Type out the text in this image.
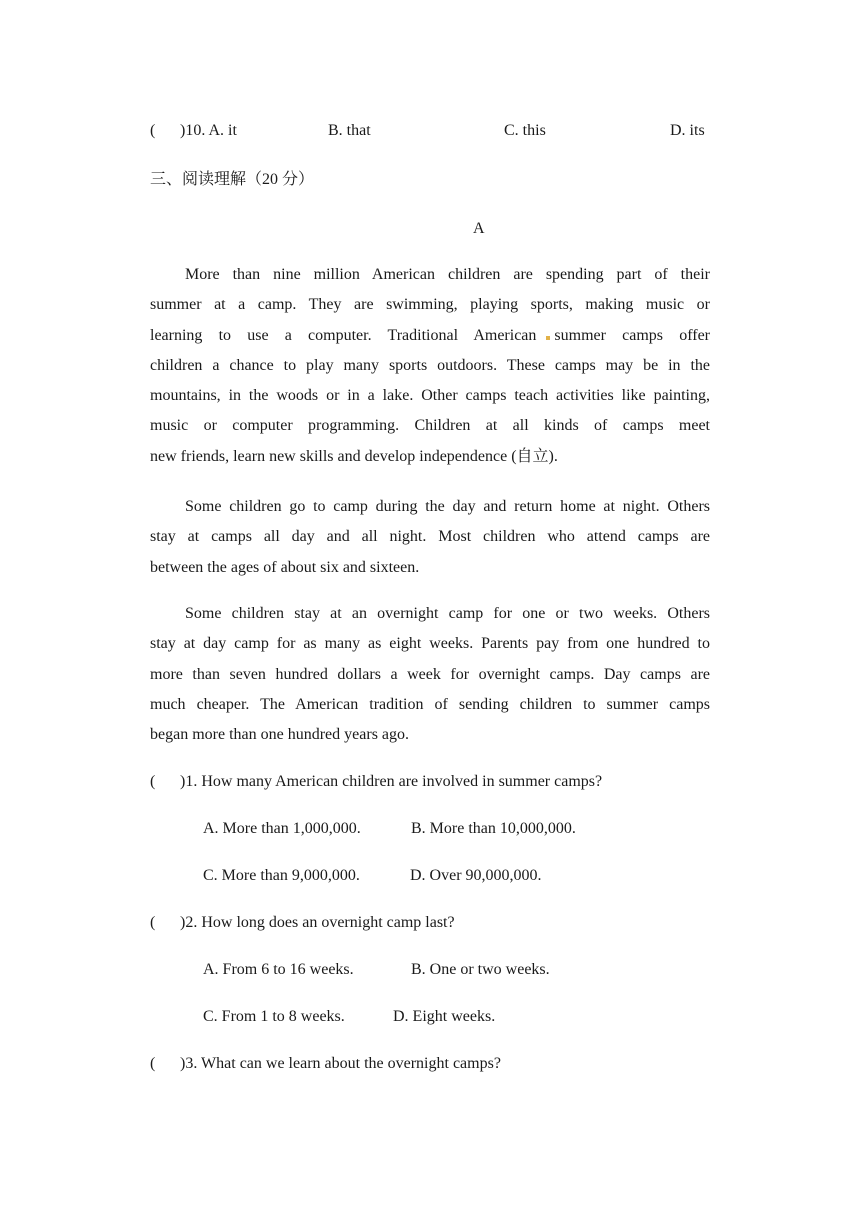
( )10. A. it	B. that	C. this	D. its
三、阅读理解（20 分）
A
More than nine million American children are spending part of their
summer at a camp. They are swimming, playing sports, making music or
learning to use a computer. Traditional American summer camps offer
children a chance to play many sports outdoors. These camps may be in the
mountains, in the woods or in a lake. Other camps teach activities like painting,
music or computer programming. Children at all kinds of camps meet
new friends, learn new skills and develop independence (自立).
Some children go to camp during the day and return home at night. Others
stay at camps all day and all night. Most children who attend camps are
between the ages of about six and sixteen.
Some children stay at an overnight camp for one or two weeks. Others
stay at day camp for as many as eight weeks. Parents pay from one hundred to
more than seven hundred dollars a week for overnight camps. Day camps are
much cheaper. The American tradition of sending children to summer camps
began more than one hundred years ago.
( )1. How many American children are involved in summer camps?
A. More than 1,000,000.	B. More than 10,000,000.
C. More than 9,000,000.	D. Over 90,000,000.
( )2. How long does an overnight camp last?
A. From 6 to 16 weeks.	B. One or two weeks.
C. From 1 to 8 weeks.	D. Eight weeks.
( )3. What can we learn about the overnight camps?
